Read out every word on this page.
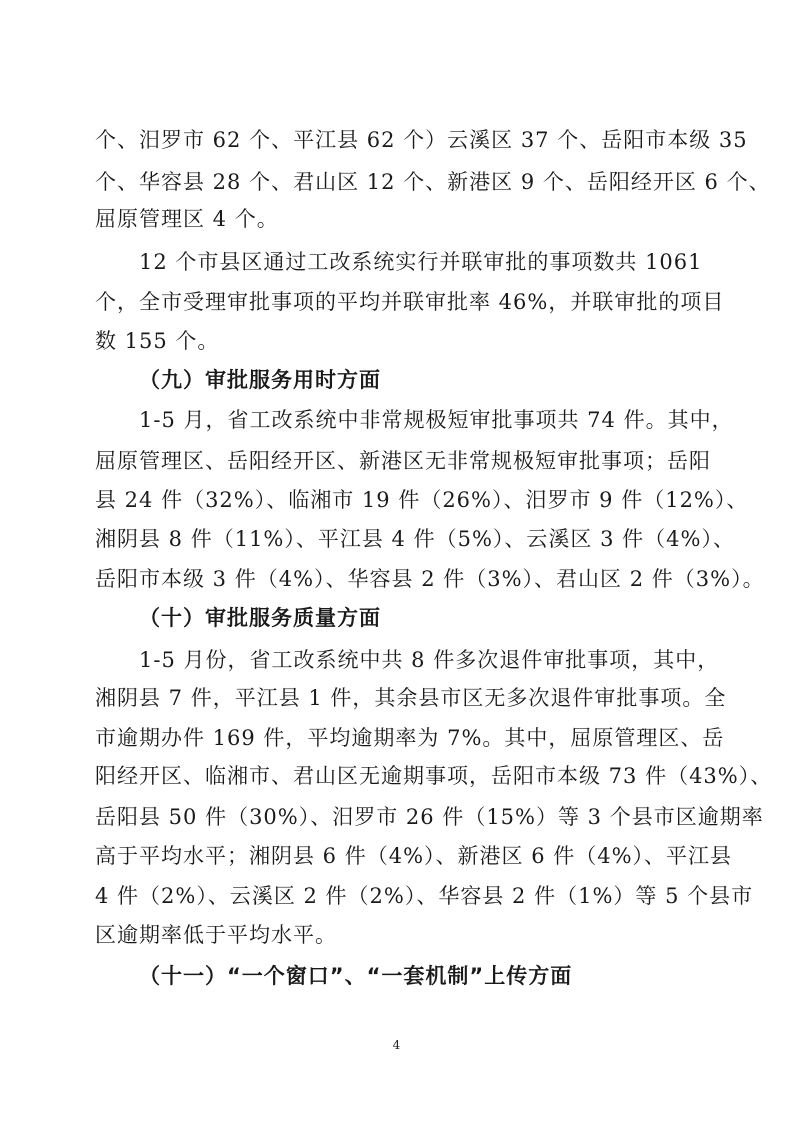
个、汨罗市 62 个、平江县 62 个）云溪区 37 个、岳阳市本级 35
个、华容县 28 个、君山区 12 个、新港区 9 个、岳阳经开区 6 个、
屈原管理区 4 个。
12 个市县区通过工改系统实行并联审批的事项数共 1061
个，全市受理审批事项的平均并联审批率 46%，并联审批的项目
数 155 个。
（九）审批服务用时方面
1-5 月，省工改系统中非常规极短审批事项共 74 件。其中，
屈原管理区、岳阳经开区、新港区无非常规极短审批事项；岳阳
县 24 件（32%）、临湘市 19 件（26%）、汨罗市 9 件（12%）、
湘阴县 8 件（11%）、平江县 4 件（5%）、云溪区 3 件（4%）、
岳阳市本级 3 件（4%）、华容县 2 件（3%）、君山区 2 件（3%）。
（十）审批服务质量方面
1-5 月份，省工改系统中共 8 件多次退件审批事项，其中，
湘阴县 7 件，平江县 1 件，其余县市区无多次退件审批事项。全
市逾期办件 169 件，平均逾期率为 7%。其中，屈原管理区、岳
阳经开区、临湘市、君山区无逾期事项，岳阳市本级 73 件（43%）、
岳阳县 50 件（30%）、汨罗市 26 件（15%）等 3 个县市区逾期率
高于平均水平；湘阴县 6 件（4%）、新港区 6 件（4%）、平江县
4 件（2%）、云溪区 2 件（2%）、华容县 2 件（1%）等 5 个县市
区逾期率低于平均水平。
（十一）“一个窗口”、“一套机制”上传方面
4
